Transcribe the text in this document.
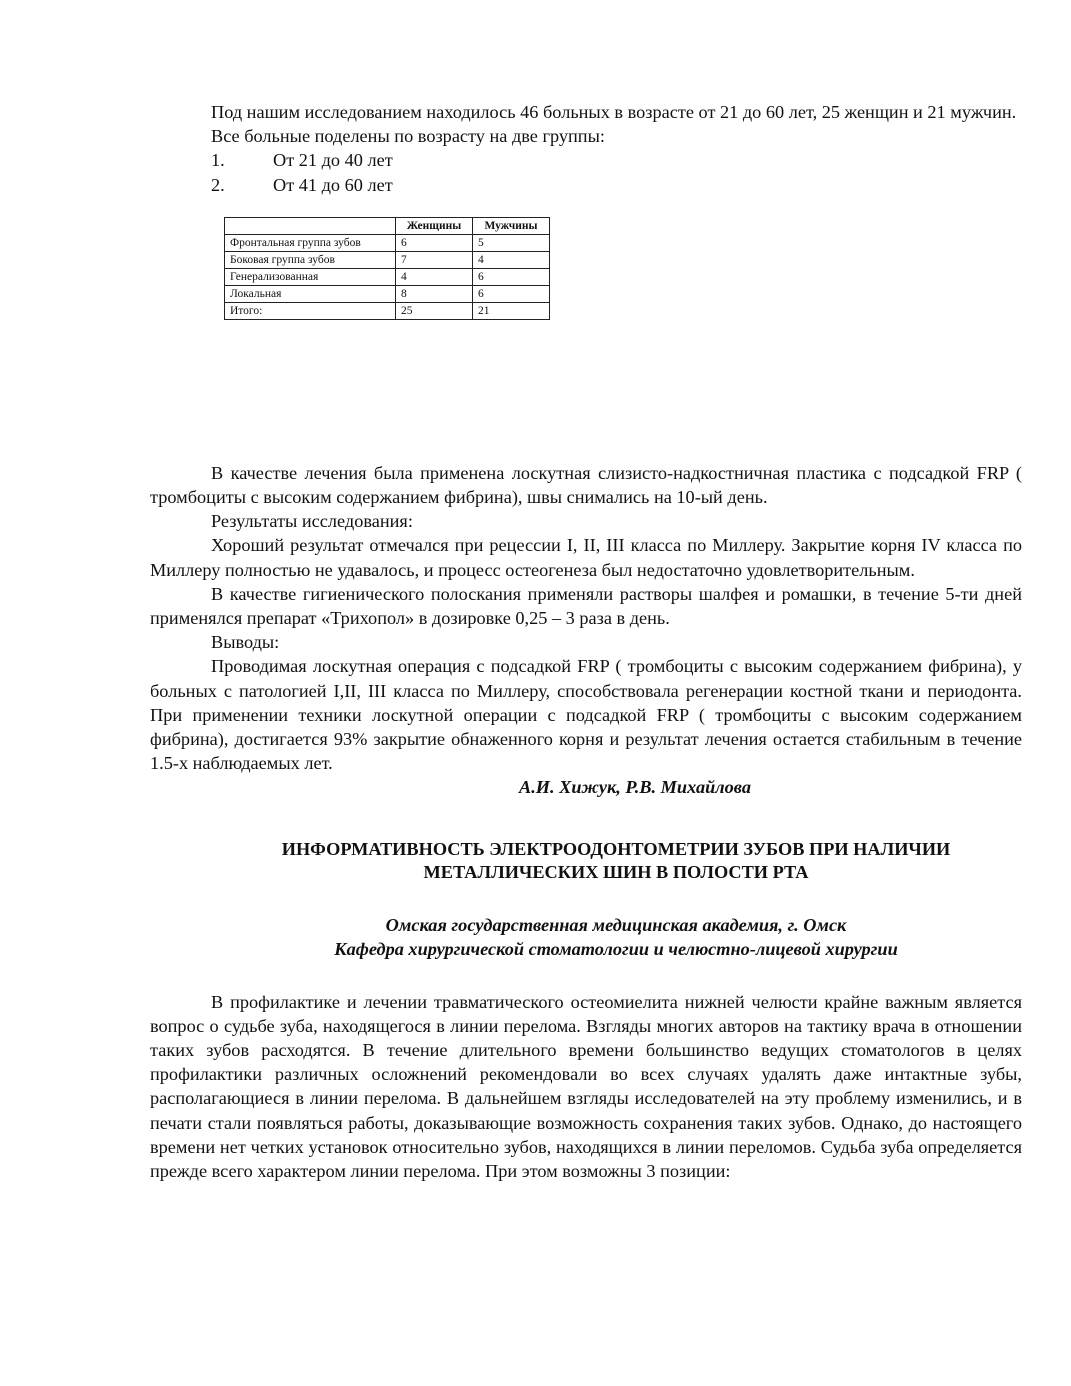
Под нашим исследованием находилось 46 больных в возрасте от 21 до 60 лет, 25 женщин и 21 мужчин.

Все больные поделены по возрасту на две группы:

1.	От 21 до 40 лет
2.	От 41 до 60 лет
	Женщины	Мужчины
Фронтальная группа зубов	6	5
Боковая группа зубов	7	4
Генерализованная	4	6
Локальная	8	6
Итого:	25	21

В качестве лечения была применена лоскутная слизисто-надкостничная пластика с подсадкой FRP ( тромбоциты с высоким содержанием фибрина), швы снимались на 10-ый день.

Результаты исследования:

Хороший результат отмечался при рецессии I, II, III класса по Миллеру. Закрытие корня IV класса по Миллеру полностью не удавалось, и процесс остеогенеза был недостаточно удовлетворительным.

В качестве гигиенического полоскания применяли растворы шалфея и ромашки, в течение 5-ти дней применялся препарат «Трихопол» в дозировке 0,25 – 3 раза в день.

Выводы:

Проводимая лоскутная операция с подсадкой FRP ( тромбоциты с высоким содержанием фибрина), у больных с патологией I,II, III класса по Миллеру, способствовала регенерации костной ткани и периодонта. При применении техники лоскутной операции с подсадкой FRP ( тромбоциты с высоким содержанием фибрина), достигается 93% закрытие обнаженного корня и результат лечения остается стабильным в течение 1.5-х наблюдаемых лет.

А.И. Хижук, Р.В. Михайлова

ИНФОРМАТИВНОСТЬ ЭЛЕКТРООДОНТОМЕТРИИ ЗУБОВ ПРИ НАЛИЧИИ
МЕТАЛЛИЧЕСКИХ ШИН В ПОЛОСТИ РТА
Омская государственная медицинская академия, г. Омск
Кафедра хирургической стоматологии и челюстно-лицевой хирургии

В профилактике и лечении травматического остеомиелита нижней челюсти крайне важным является вопрос о судьбе зуба, находящегося в линии перелома. Взгляды многих авторов на тактику врача в отношении таких зубов расходятся. В течение длительного времени большинство ведущих стоматологов в целях профилактики различных осложнений рекомендовали во всех случаях удалять даже интактные зубы, располагающиеся в линии перелома. В дальнейшем взгляды исследователей на эту проблему изменились, и в печати стали появляться работы, доказывающие возможность сохранения таких зубов. Однако, до настоящего времени нет четких установок относительно зубов, находящихся в линии переломов. Судьба зуба определяется прежде всего характером линии перелома. При этом возможны 3 позиции:
